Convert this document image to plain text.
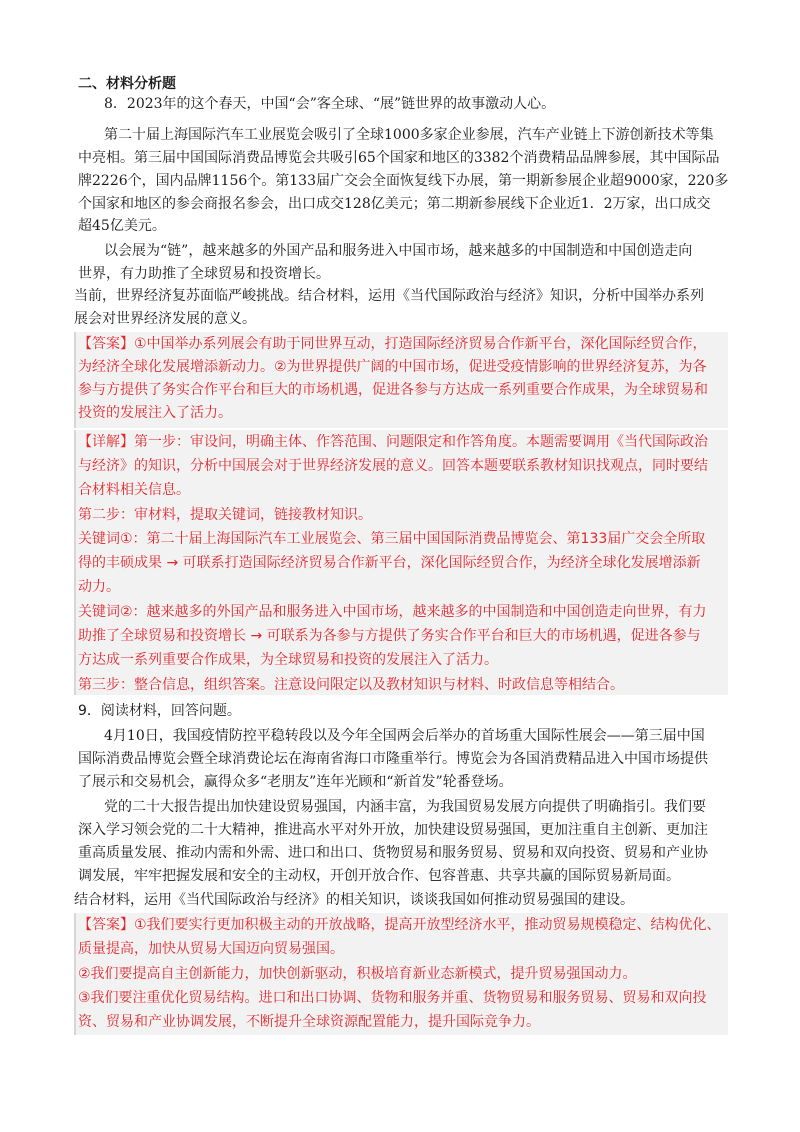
二、材料分析题
8．2023年的这个春天，中国“会”客全球、“展”链世界的故事激动人心。
第二十届上海国际汽车工业展览会吸引了全球1000多家企业参展，汽车产业链上下游创新技术等集
中亮相。第三届中国国际消费品博览会共吸引65个国家和地区的3382个消费精品品牌参展，其中国际品
牌2226个，国内品牌1156个。第133届广交会全面恢复线下办展，第一期新参展企业超9000家，220多
个国家和地区的参会商报名参会，出口成交128亿美元；第二期新参展线下企业近1．2万家，出口成交
超45亿美元。
以会展为“链”，越来越多的外国产品和服务进入中国市场，越来越多的中国制造和中国创造走向
世界，有力助推了全球贸易和投资增长。
当前，世界经济复苏面临严峻挑战。结合材料，运用《当代国际政治与经济》知识，分析中国举办系列
展会对世界经济发展的意义。
【答案】①中国举办系列展会有助于同世界互动，打造国际经济贸易合作新平台，深化国际经贸合作，
为经济全球化发展增添新动力。②为世界提供广阔的中国市场，促进受疫情影响的世界经济复苏，为各
参与方提供了务实合作平台和巨大的市场机遇，促进各参与方达成一系列重要合作成果，为全球贸易和
投资的发展注入了活力。
【详解】第一步：审设问，明确主体、作答范围、问题限定和作答角度。本题需要调用《当代国际政治
与经济》的知识，分析中国展会对于世界经济发展的意义。回答本题要联系教材知识找观点，同时要结
合材料相关信息。
第二步：审材料，提取关键词，链接教材知识。
关键词①：第二十届上海国际汽车工业展览会、第三届中国国际消费品博览会、第133届广交会全所取
得的丰硕成果 → 可联系打造国际经济贸易合作新平台，深化国际经贸合作，为经济全球化发展增添新
动力。
关键词②：越来越多的外国产品和服务进入中国市场，越来越多的中国制造和中国创造走向世界，有力
助推了全球贸易和投资增长 → 可联系为各参与方提供了务实合作平台和巨大的市场机遇，促进各参与
方达成一系列重要合作成果，为全球贸易和投资的发展注入了活力。
第三步：整合信息，组织答案。注意设问限定以及教材知识与材料、时政信息等相结合。
9．阅读材料，回答问题。
4月10日，我国疫情防控平稳转段以及今年全国两会后举办的首场重大国际性展会——第三届中国
国际消费品博览会暨全球消费论坛在海南省海口市隆重举行。博览会为各国消费精品进入中国市场提供
了展示和交易机会，赢得众多“老朋友”连年光顾和“新首发”轮番登场。
党的二十大报告提出加快建设贸易强国，内涵丰富，为我国贸易发展方向提供了明确指引。我们要
深入学习领会党的二十大精神，推进高水平对外开放，加快建设贸易强国，更加注重自主创新、更加注
重高质量发展、推动内需和外需、进口和出口、货物贸易和服务贸易、贸易和双向投资、贸易和产业协
调发展，牢牢把握发展和安全的主动权，开创开放合作、包容普惠、共享共赢的国际贸易新局面。
结合材料，运用《当代国际政治与经济》的相关知识，谈谈我国如何推动贸易强国的建设。
【答案】①我们要实行更加积极主动的开放战略，提高开放型经济水平，推动贸易规模稳定、结构优化、
质量提高，加快从贸易大国迈向贸易强国。
②我们要提高自主创新能力，加快创新驱动，积极培育新业态新模式，提升贸易强国动力。
③我们要注重优化贸易结构。进口和出口协调、货物和服务并重、货物贸易和服务贸易、贸易和双向投
资、贸易和产业协调发展，不断提升全球资源配置能力，提升国际竞争力。
